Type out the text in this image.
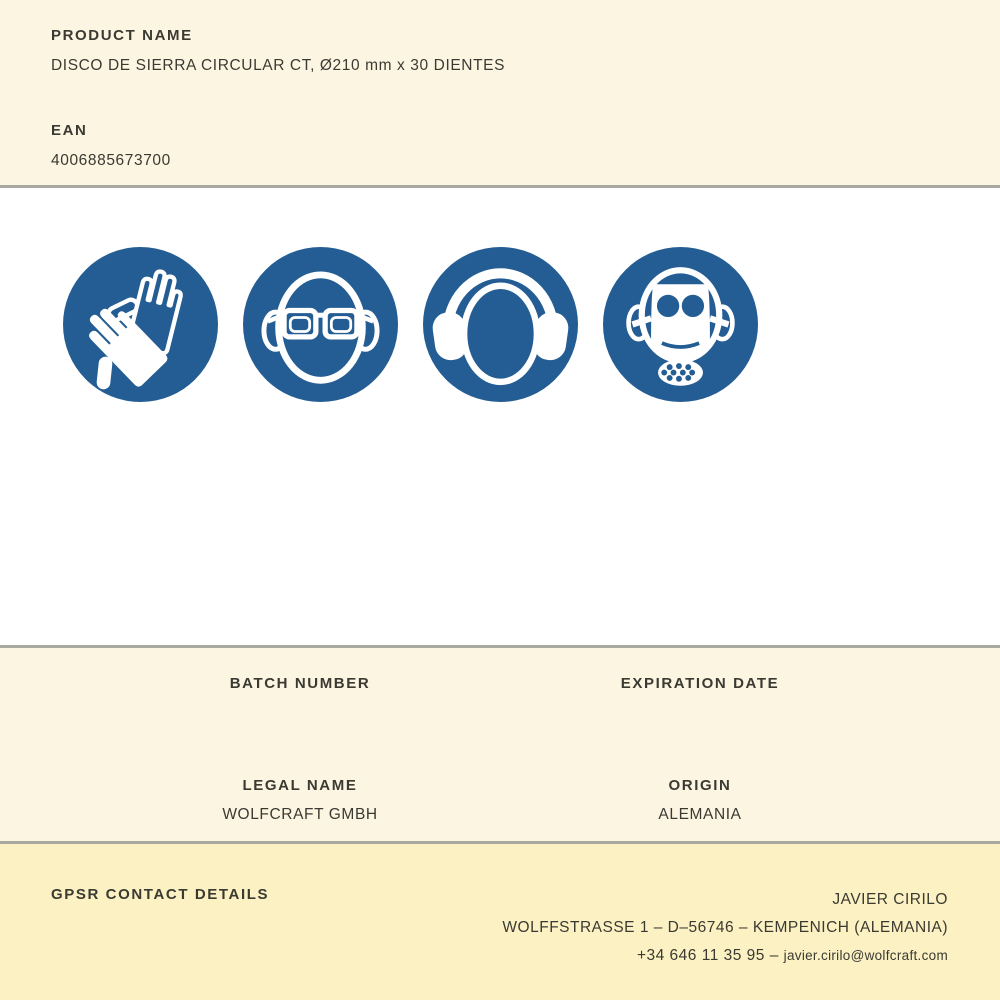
PRODUCT NAME
DISCO DE SIERRA CIRCULAR CT, Ø210 mm x 30 DIENTES
EAN
4006885673700
BATCH NUMBER	EXPIRATION DATE
LEGAL NAME
WOLFCRAFT GMBH
ORIGIN
ALEMANIA
GPSR CONTACT DETAILS	JAVIER CIRILO
WOLFFSTRASSE 1 – D–56746 – KEMPENICH (ALEMANIA)
+34 646 11 35 95 – javier.cirilo@wolfcraft.com
